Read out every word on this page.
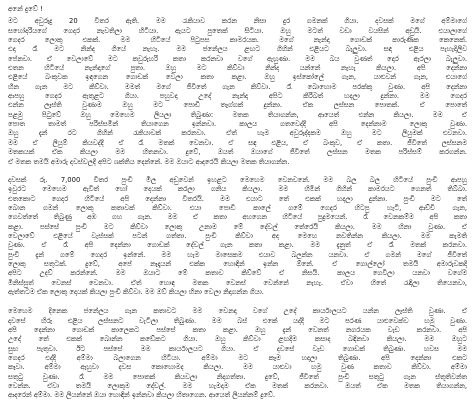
අනේ දුවේ !
මට අවුරුදු 20 විතර ඇති. මම රැකියාව කරන නිසා දුර ගමනක් ගියා. දවසක් මගේ අම්මාගේ
සහෝදරියගේ ගෙදර නැවතිලා හිටියා. ඇයට පුතෙක් සිටියා. ඔහු මටත් වඩා වයසින් අඩුයි. එයාලාගේ
ගෙදර ලොකු එකක්. මම හිටියේ පිටුපස කාමරයක. මගේ නැන්දා ගොඩක් කාරුණික කෙනෙක්.
එදා රෑ මට නින්ද ගියේ නැහැ. මම ජනේලය ළඟට ගිහින් එළියට බැලුවා. සඳ එළිය පැහැදිලිව
පේනවා. ඒ වෙලාවේ මට කවුරුහරි කතා කරනවා වගේ ඇහුණා. මම බය වුණත් දොර ඇරලා බැලුවා.
එතන හිටියේ නැන්දාගේ පුතා. ඔහු මට කිව්වා නින්ද යන්නේ නැහැ කියලා. අපි දෙන්නා
එළියේ බංකුවක ඉඳගෙන ගොඩක් වෙලා කතා කළා. ඔහු ඉස්කෝලේ ගැන, යාළුවන් ගැන, එයාගේ
හීන ගැන මට කිව්වා. මමත් මගේ ජීවිතේ ගැන කිව්වා. රෑ බොහොම පරක්කු වුණා. අපි දෙන්නා
ආපහු ගෙදර ඇතුළට ගියා. පහුවදා උදේ නැන්දා අපිට කිරිබත් හදලා දුන්නා. මම ගෙදර
එන්න ලෑස්ති වුණාම ඔහු මට පොඩි තෑග්ගක් දුන්නා. ඒක ලස්සන පොතක්. ඒ පොතේ
පළමු පිටුවේ ඔහු මෙහෙම ලියලා තිබුණා: මතක තියාගන්න, ආයෙත් එන්න කියලා. මම ඒ
පොත තාමත් පරිස්සමින් තියාගෙන ඉන්නවා. කාලය ගතවෙද්දී අපි දෙන්නාම ලොකු වුණා.
ඔහු දැන් රට ගිහින් රැකියාවක් කරනවා. ඒත් හැම අවුරුද්දකම ඔහු මට ලියුමක් එවනවා.
මම ඒ ලියුම් කියවද්දී ඒ රෑ මතක් වෙනවා. ඒ සඳ එළිය, ඒ බංකුව, ඒ කතා. ජීවිතේ ලස්සනම
මතකයක් ඒක කියලා මම හිතනවා. දුවේ, ඔයත් ඔයාගේ ජීවිතේ ලස්සන මතක පරිස්සම් කරගන්න.
ඒ මතක තමයි අමාරු දවස්වලදී අපිට ශක්තිය දෙන්නේ. මම ඔයාට ආදරෙයි කියලා මතක තියාගන්න.
දවසක් රු. 7,000 විතර පුංචි මිල අඩුවෙන් ඉහළට මෙහෙම වෙනවනේ. මම බල බල හිටියේ පුංචි ආපහු
ඉවුරට මෙහෙම ඇවිත් හෝ දෙයක් කරලා ගනිය කියලා. මම හිමීන් ගිහින් කාමරයට ගෙනත් තිබ්බා.
එතකොට ගෙදර හිටියේ අපි දෙන්නා විතරයි. මම එයාට තේ එකක් හදලා දුන්නා. පුංචි මට තේ
බොන ගමන් ලොකු කතාවක් කිව්වා. එයා පොඩි කාලේ ගමේ ගෙදර හිටපු හැටි, ආච්චි ගැන,
ගෙවත්තේ තිබුණු අඹ ගහ ගැන. මම ඒ කතා අහගෙන හිටියේ පුදුමයෙන්. රෑ වෙනකම්ම අපි කතා
කළා. පස්සේ පුංචි මට කිව්වා ලොකු උනාම මේ දේවල් තේරෙයි කියලා. මම හිනා වුණා. ඒ
වෙලාවේ එළියේ වැස්සක් පටන් ගත්තා. පුංචි කිව්වා අද මෙහෙ නවතින්න කියලා. මම කැමති
වුණා. ඒ රෑ අපි දෙන්නා ගොඩක් දේවල් ගැන කතා කළා. මම දැනුත් ඒ රෑ මතක් කරනවා.
පුංචි දැන් ගමේ ගෙදර ඉන්නේ. මම හැම මාසෙකම එයාව බලන්න යනවා. ඒ ගමන් මගේ ජීවිතේ
ලොකු සතුටක්. දුවේ, අපේ නෑදෑයන් එක්ක හොඳින් ඉන්න ඕනේ. ඒ ගොල්ලෝ තමයි අමාරුවකදී
අපිට උදව් කරන්නේ. මම ඔයාට මේ කතාව කිව්වේ ඒ නිසයි. කාලය ගෙවිලා යනවා වගේම
මිනිස්සුත් වෙනස් වෙනවා. ඒත් හොඳ මතක වෙනස් වෙන්නේ නැහැ. ඒවා හිතේ රැඳිලා තියෙනවා,
ඇත්තටම ඒක ලොකු දෙයක් කියලා පුංචි කිව්වා. මම ඔව් කියලා හිනා වෙලා නිදාගන්න ගියා.
මෙහෙම දිනෙක ජනේලය ගැන කතාවට මම වෙනදා වගේ උදේ කාර්යාලයට යන්න ලෑස්ති වුණා. ඒ
දවසේ හිරු එළිය ලස්සනට වැටිලා තිබුණා. මම බස් එකේ යද්දී මට පරණ යාළුවෙක්ව හමු වුණා.
අපි දෙන්නා ගොඩක් කාලෙකට පස්සේ කතා කළා. ඔහු දැන් වෙනත් නගරයක වැඩ කරනවා. අපි
උදේ තේ එකක් බොන්න කඩේකට ගියා. ඔහු කිව්වා ළඟදීම කසාද බඳිනවා කියලා. මම ඔහුට
සුභ පැතුවා. ඊට පස්සේ මම කාර්යාලයට ගියා. ඒ දවසේ වැඩ ගොඩක් තිබුණා. හවස මම
ගෙදර එද්දී අම්මා බලාගෙන හිටියා. අම්මා මට කෑම හදලා තිබුණා. අපි දෙන්නා එකට
කෑවා. අම්මා ඇහුවා දවස කොහොමද කියලා. මම යාළුවා හමු වුණ කතාව කිව්වා. අම්මා
සතුටු වුණා. රෑ මම පොතක් කියවලා නිදාගත්තා. දුවේ, ජීවිතේ පුංචි සතුටු ගැන ස්තූතිවන්ත
වෙන්න. ඒවා තමයි ලොකුම දේවල්. මම හැමදාම ඒක මතක් කරනවා. ඔයත් ඒක මතක තියාගන්න,
ආදරෙන් අම්මා. මම ලියන්නේ ඔයා හොඳින් ඉන්නවා කියලා හිතාගෙන. ආයෙත් ලියන්නම් දුවේ.
